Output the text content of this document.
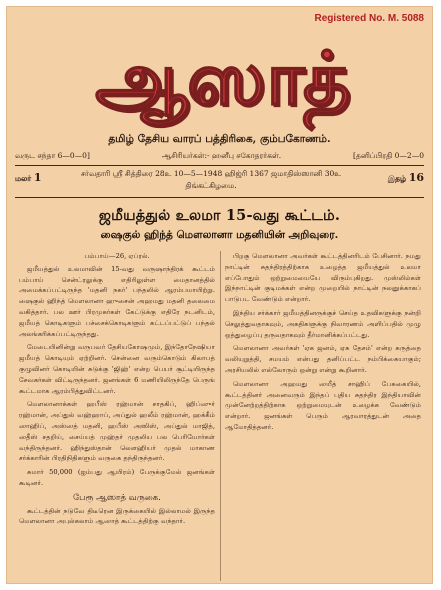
Registered No. M. 5088
ஆஸாத்
தமிழ் தேசிய வாரப் பத்திரிகை, கும்பகோணம்.
வருட சந்தா 6—0—0]	ஆசிரியர்கள்:- ஹனீபு சகோதரர்கள்.	[தனிப்பிரதி 0—2—0
மலர் 1	சர்வதாரி ஸ்ரீ சித்திரை 28உ 10—5—1948 ஹிஜ்ரி 1367 ஜமாதிஸ்ஸானி 30உ
திங்கட்கிழமை.
இதழ் 16
ஜமீயத்துல் உலமா 15-வது கூட்டம்.
ஷைகுல் ஹிந்த் மௌலானா மதனியின் அறிவுரை.

பம்பாய்—26, ஏப்ரல்.

ஜமீயத்துல் உலமாவின் 15-வது வருஷாந்திரக் கூட்டம் பம்பாய் சென்ட்ரலுக்கு எதிரிலுள்ள மைதானத்தில் அமைக்கப்பட்டிருந்த 'மதனி நகர்' பந்தலில் ஆரம்பமாயிற்று. ஷைகுல் ஹிந்த் மௌலானா ஹுசைன் அஹமது மதனி தலைமை வகித்தார். பல ஊர் பிரமுகர்கள் கேட்டுக்கு எதிரே நடனிடம், ஜமீயத் கொடிகளும் பச்சைக்கொடிகளும் கட்டப்பட்டுப் பந்தல் அலங்கரிக்கப்பட்டிருந்தது.

மேடையினின்று வருபவர் தேசியகோஷமும், இந்தோநேஷியா ஜமீயத் கொடியும் ஏற்றினர். சென்னை வரும்கொடும் கிலாபத் குழுவினர் கொடியின் சுடுக்கு 'ஜிஹ்' என்ற பெயர் சூட்டியிருந்த சேவகர்கள் விட்டிருந்தனர். ஜனங்கள் 6 மணியிலிருந்தே பெருங் கூட்டமாக ஆரம்பித்துவிட்டனர்.

மௌலானாக்கள் ஹபீஸ் ரஹ்மான் சாதகிப், ஹிப்ஸுர் ரஹ்மான், அப்துல் வஹ்ஹாப், அப்துல் ஹலீம் ரஹ்மான், ஹக்கீம் ஸாஹிப், அஸ்ஸத் மதனி, ஹபீஸ் அஸிஸ், அப்துல் மாஜித், ஸதீஸ் சதறிய், சைய்யத் முஹ்தர் முதலிய பல பெரியோர்கள் வந்திருந்தனர். ஹிந்துஸ்தான் லௌஹியர் முதல் மாகாண சர்க்காரின் பிரதிநிதிகளும் வருகை தந்திருந்தனர்.

சுமார் 50,000 (ஐம்பது ஆயிரம்) பேருக்குமேல் ஜனங்கள் கூடினர்.

பேரூ ஆஸாத் வருகை.

கூட்டத்தின் நடுவே திடீரென இருக்கையில் இல்லாமல் இருந்த மௌலானா அபுல்கலாம் ஆஸாத் கூட்டத்திற்கு வந்தார்.

பிறகு மௌலானா அவர்கள் கூட்டத்தினரிடம் பேசினார். நமது நாட்டின் சுதந்திரத்திற்காக உழைத்த ஜமீயத்துல் உலமா எப்போதும் ஒற்றுமையையே விரும்புகிறது. முஸ்லிம்கள் இந்நாட்டின் குடிமக்கள் என்ற முறையில் நாட்டின் நலனுக்காகப் பாடுபட வேண்டும் என்றார்.

இந்திய சர்க்கார் ஜமீயத்தினருக்குச் செய்த உதவிகளுக்கு நன்றி செலுத்துவதாகவும், அகதிகளுக்கு நிவாரணம் அளிப்பதில் முழு ஒத்துழைப்பு தருவதாகவும் தீர்மானிக்கப்பட்டது.

மௌலானா அவர்கள் 'ஏக ஜனம், ஏக தேசம்' என்ற கருத்தை வலியுறுத்தி, சமயம் என்பது தனிப்பட்ட நம்பிக்கையாகும்; அரசியலில் எல்லோரும் ஒன்று என்று கூறினார்.

மௌலானா அஹமது ஸயீத் சாஹிப் பேசுகையில், கூட்டத்தினர் அனைவரும் இந்தப் புதிய சுதந்திர இந்தியாவின் முன்னேற்றத்திற்காக ஒற்றுமையுடன் உழைக்க வேண்டும் என்றார். ஜனங்கள் பெரும் ஆரவாரத்துடன் அதை ஆமோதித்தனர்.
